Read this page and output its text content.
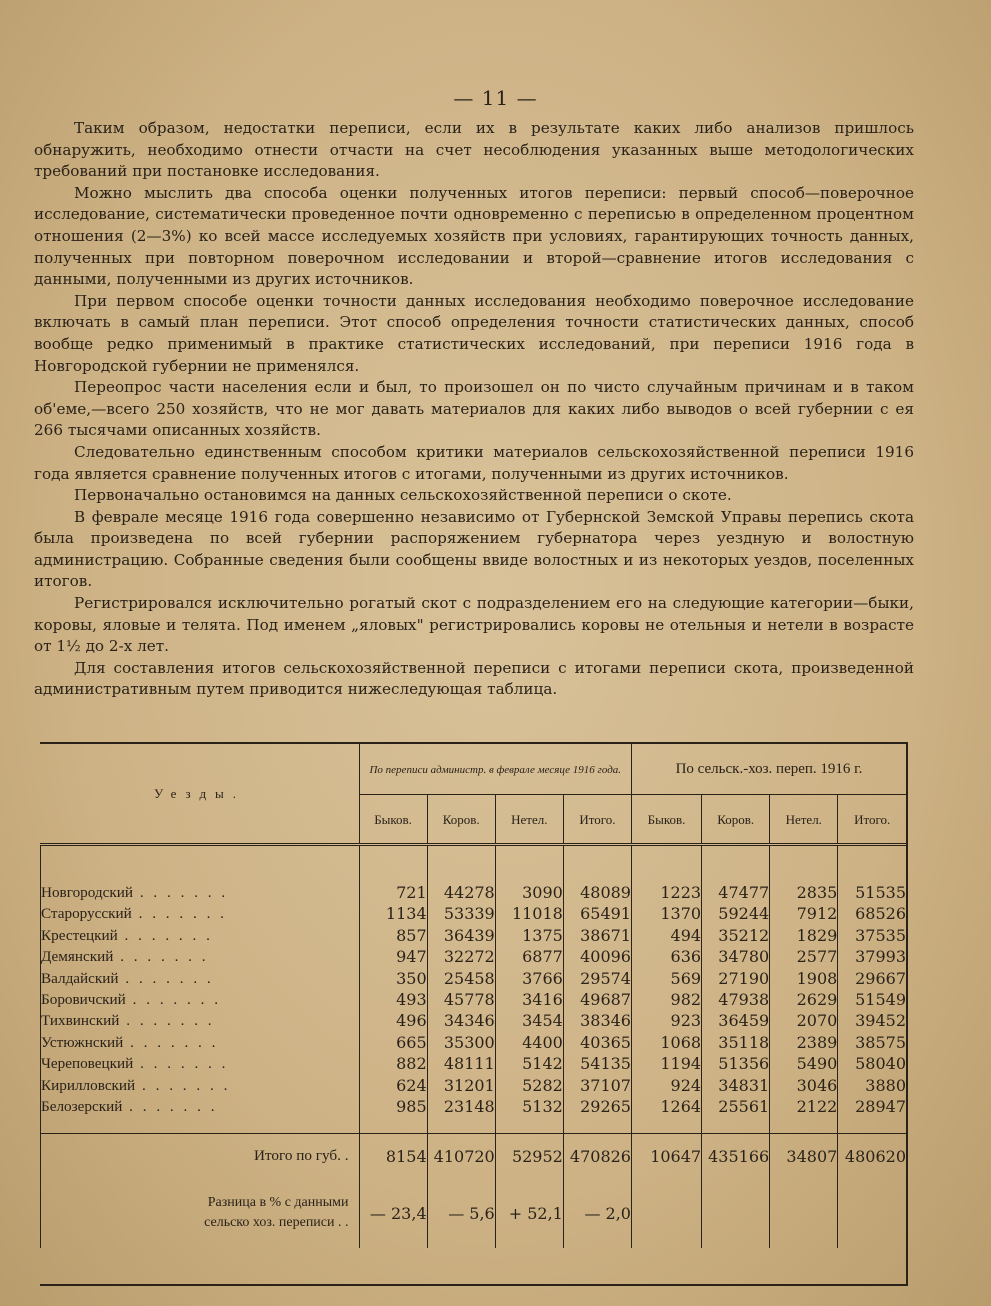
— 11 —

Таким образом, недостатки переписи, если их в результате каких либо анализов пришлось обнаружить, необходимо отнести отчасти на счет несоблюдения указанных выше методологических требований при постановке исследования.

Можно мыслить два способа оценки полученных итогов переписи: первый способ—поверочное исследование, систематически проведенное почти одновременно с переписью в определенном процентном отношения (2—3%) ко всей массе исследуемых хозяйств при условиях, гарантирующих точность данных, полученных при повторном поверочном исследовании и второй—сравнение итогов исследования с данными, полученными из других источников.

При первом способе оценки точности данных исследования необходимо поверочное исследование включать в самый план переписи. Этот способ определения точности статистических данных, способ вообще редко применимый в практике статистических исследований, при переписи 1916 года в Новгородской губернии не применялся.

Переопрос части населения если и был, то произошел он по чисто случайным причинам и в таком об'еме,—всего 250 хозяйств, что не мог давать материалов для каких либо выводов о всей губернии с ея 266 тысячами описанных хозяйств.

Следовательно единственным способом критики материалов сельскохозяйственной переписи 1916 года является сравнение полученных итогов с итогами, полученными из других источников.

Первоначально остановимся на данных сельскохозяйственной переписи о скоте.

В феврале месяце 1916 года совершенно независимо от Губернской Земской Управы перепись скота была произведена по всей губернии распоряжением губернатора через уездную и волостную администрацию. Собранные сведения были сообщены ввиде волостных и из некоторых уездов, поселенных итогов.

Регистрировался исключительно рогатый скот с подразделением его на следующие категории—быки, коровы, яловые и телята. Под именем „яловых" регистрировались коровы не отельныя и нетели в возрасте от 1½ до 2-х лет.

Для составления итогов сельскохозяйственной переписи с итогами переписи скота, произведенной административным путем приводится нижеследующая таблица.

Уезды.	По переписи администр. в феврале месяце 1916 года.				По сельск.-хоз. переп. 1916 г.			
	Быков.	Коров.	Нетел.	Итого.	Быков.	Коров.	Нетел.	Итого.

Новгородский . . . . . . .	721	44278	3090	48089	1223	47477	2835	51535
Старорусский . . . . . . .	1134	53339	11018	65491	1370	59244	7912	68526
Крестецкий . . . . . . .	857	36439	1375	38671	494	35212	1829	37535
Демянский . . . . . . .	947	32272	6877	40096	636	34780	2577	37993
Валдайский . . . . . . .	350	25458	3766	29574	569	27190	1908	29667
Боровичский . . . . . . .	493	45778	3416	49687	982	47938	2629	51549
Тихвинский . . . . . . .	496	34346	3454	38346	923	36459	2070	39452
Устюжнский . . . . . . .	665	35300	4400	40365	1068	35118	2389	38575
Череповецкий . . . . . . .	882	48111	5142	54135	1194	51356	5490	58040
Кирилловский . . . . . . .	624	31201	5282	37107	924	34831	3046	3880
Белозерский . . . . . . .	985	23148	5132	29265	1264	25561	2122	28947

Итого по губ. .	8154	410720	52952	470826	10647	435166	34807	480620

Разница в % с данными
сельско хоз. переписи . .	— 23,4	— 5,6	+ 52,1	— 2,0				
